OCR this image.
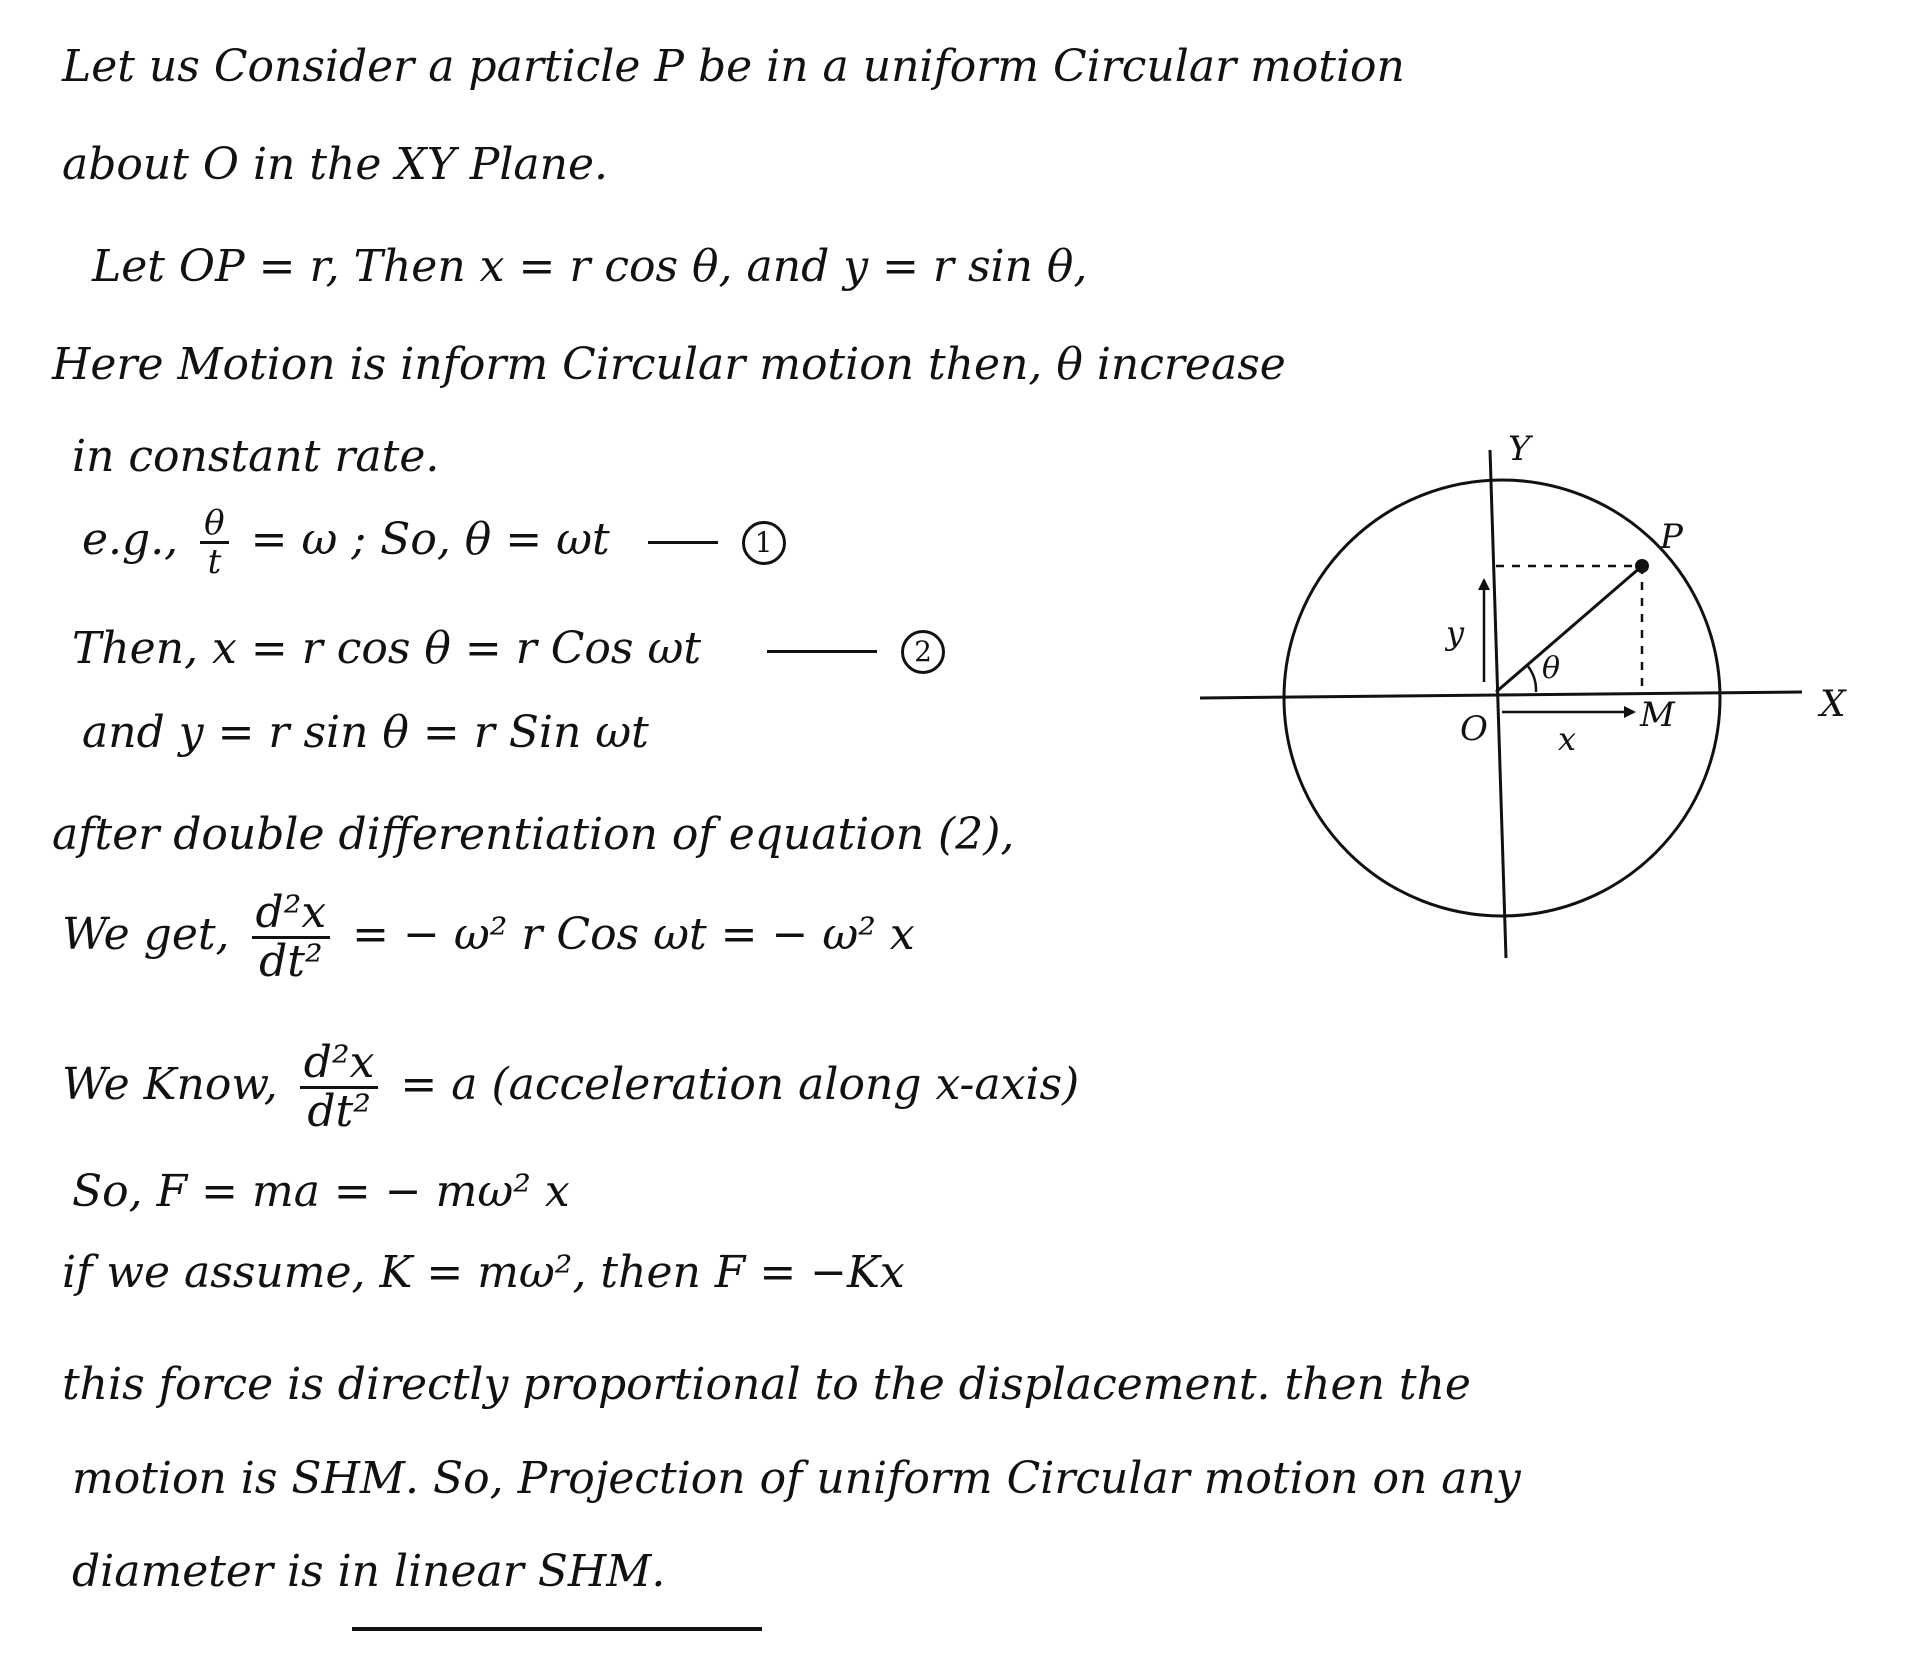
Let us Consider a particle P be in a uniform Circular motion
about O in the XY Plane.
Let OP = r, Then x = r cos θ, and y = r sin θ,
Here Motion is inform Circular motion then, θ increase
in constant rate.
e.g., $\frac{\theta}{t} = \omega$ ; So, θ = ωt	1
Then, x = r cos θ = r Cos ωt	2
and y = r sin θ = r Sin ωt
after double differentiation of equation (2),
We get, $\frac{\text{d²x}}{\text{dt²}}$ = − ω² r Cos ωt = − ω² x
We Know, $\frac{\text{d²x}}{\text{dt²}} = a$ (acceleration along x-axis)
So, F = ma = − mω² x
if we assume, K = mω², then F = −Kx
this force is directly proportional to the displacement. then the
motion is SHM. So, Projection of uniform Circular motion on any
diameter is in linear SHM.
Y
X
O
P
M
θ
x
y
